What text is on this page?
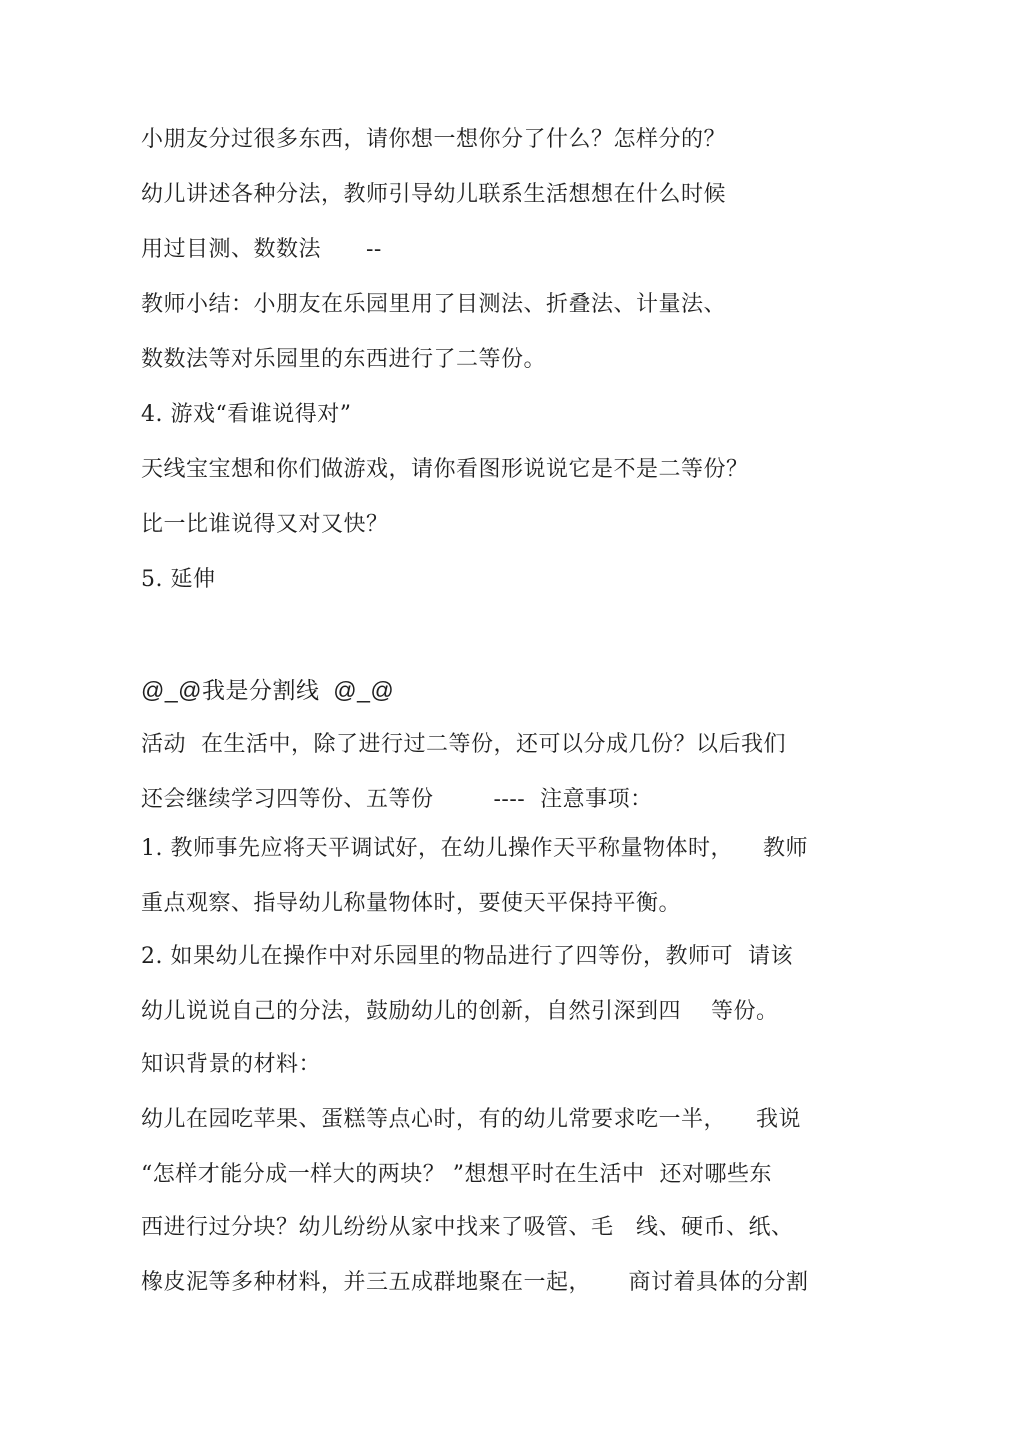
小朋友分过很多东西，请你想一想你分了什么？怎样分的？
幼儿讲述各种分法，教师引导幼儿联系生活想想在什么时候
用过目测、数数法      --
教师小结：小朋友在乐园里用了目测法、折叠法、计量法、
数数法等对乐园里的东西进行了二等份。
4. 游戏“看谁说得对”
天线宝宝想和你们做游戏，请你看图形说说它是不是二等份？
比一比谁说得又对又快？
5. 延伸
@_@我是分割线  @_@
活动  在生活中，除了进行过二等份，还可以分成几份？以后我们
还会继续学习四等份、五等份        ----  注意事项：
1. 教师事先应将天平调试好，在幼儿操作天平称量物体时，    教师
重点观察、指导幼儿称量物体时，要使天平保持平衡。
2. 如果幼儿在操作中对乐园里的物品进行了四等份，教师可  请该
幼儿说说自己的分法，鼓励幼儿的创新，自然引深到四    等份。
知识背景的材料：
幼儿在园吃苹果、蛋糕等点心时，有的幼儿常要求吃一半，    我说
“怎样才能分成一样大的两块？ ”想想平时在生活中  还对哪些东
西进行过分块？幼儿纷纷从家中找来了吸管、毛   线、硬币、纸、
橡皮泥等多种材料，并三五成群地聚在一起，     商讨着具体的分割
